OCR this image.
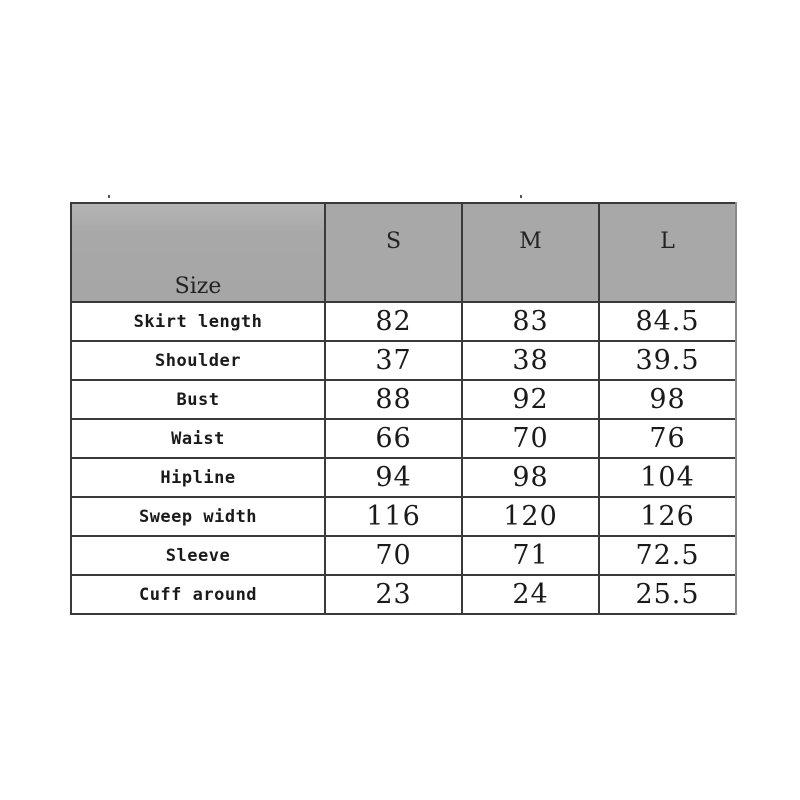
Size	S	M	L
Skirt length	82	83	84.5
Shoulder	37	38	39.5
Bust	88	92	98
Waist	66	70	76
Hipline	94	98	104
Sweep width	116	120	126
Sleeve	70	71	72.5
Cuff around	23	24	25.5
